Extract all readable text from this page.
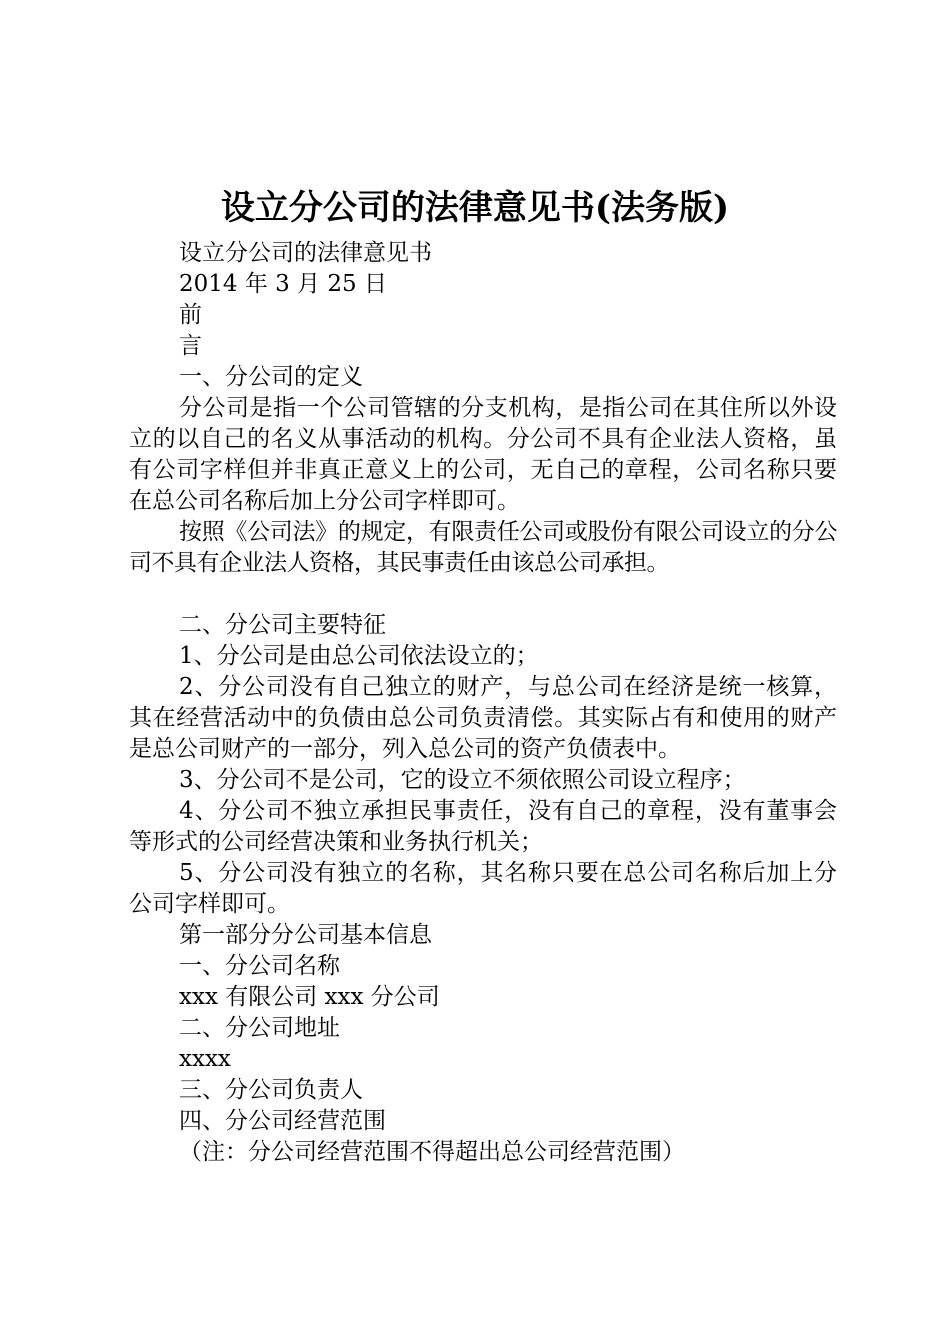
设立分公司的法律意见书(法务版)

设立分公司的法律意见书

2014 年 3 月 25 日

前

言

一、分公司的定义

分公司是指一个公司管辖的分支机构，是指公司在其住所以外设立的以自己的名义从事活动的机构。分公司不具有企业法人资格，虽有公司字样但并非真正意义上的公司，无自己的章程，公司名称只要在总公司名称后加上分公司字样即可。

按照《公司法》的规定，有限责任公司或股份有限公司设立的分公司不具有企业法人资格，其民事责任由该总公司承担。

二、分公司主要特征

1、分公司是由总公司依法设立的；

2、分公司没有自己独立的财产，与总公司在经济是统一核算，其在经营活动中的负债由总公司负责清偿。其实际占有和使用的财产是总公司财产的一部分，列入总公司的资产负债表中。

3、分公司不是公司，它的设立不须依照公司设立程序；

4、分公司不独立承担民事责任，没有自己的章程，没有董事会等形式的公司经营决策和业务执行机关；

5、分公司没有独立的名称，其名称只要在总公司名称后加上分公司字样即可。

第一部分分公司基本信息

一、分公司名称

xxx 有限公司 xxx 分公司

二、分公司地址

xxxx

三、分公司负责人

四、分公司经营范围

（注：分公司经营范围不得超出总公司经营范围）
